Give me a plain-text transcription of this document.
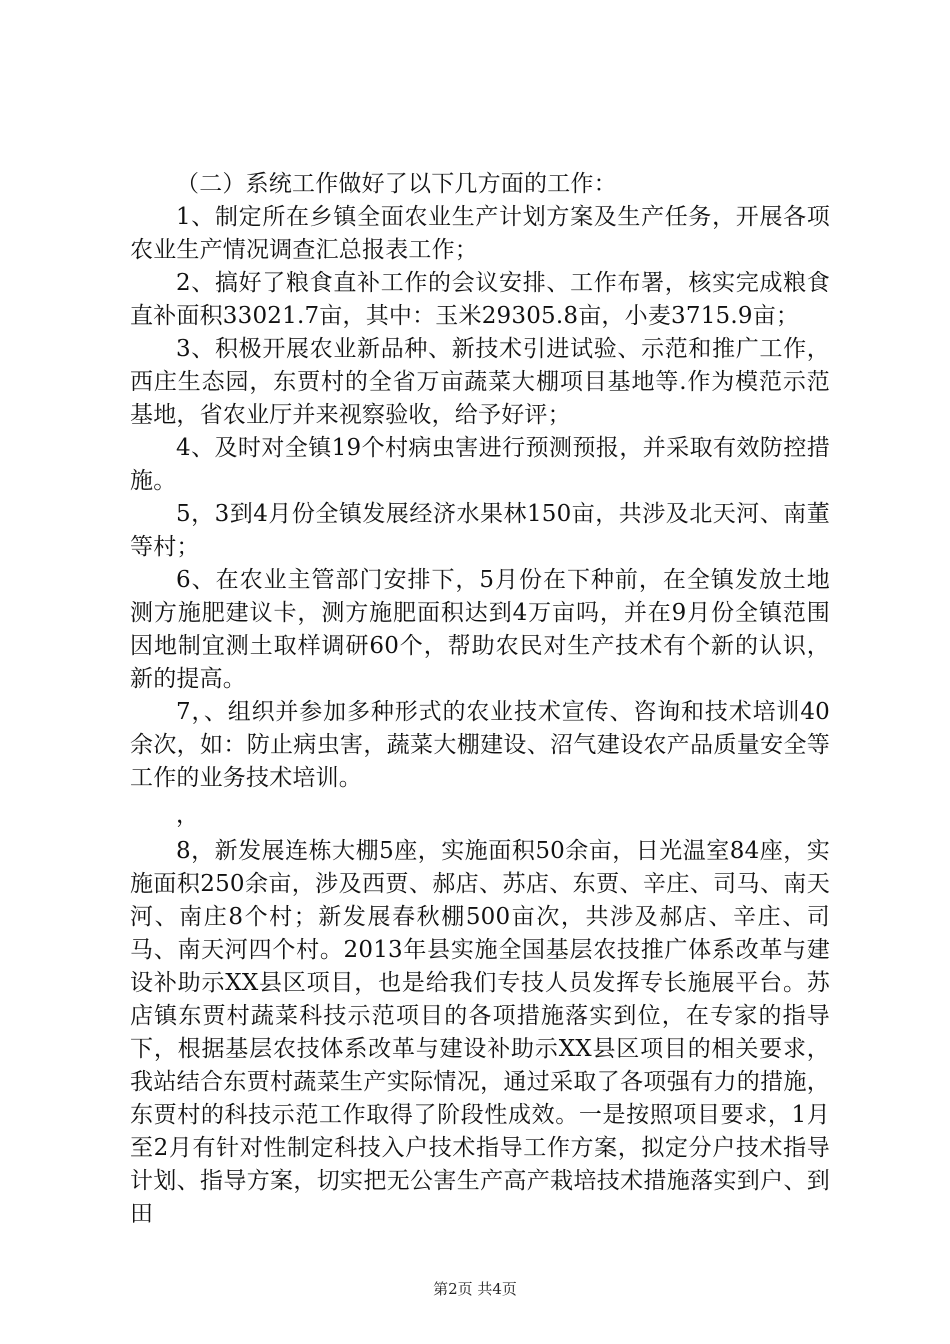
（二）系统工作做好了以下几方面的工作：

1、制定所在乡镇全面农业生产计划方案及生产任务，开展各项农业生产情况调查汇总报表工作；

2、搞好了粮食直补工作的会议安排、工作布署，核实完成粮食直补面积33021.7亩，其中：玉米29305.8亩，小麦3715.9亩；

3、积极开展农业新品种、新技术引进试验、示范和推广工作，西庄生态园，东贾村的全省万亩蔬菜大棚项目基地等.作为模范示范基地，省农业厅并来视察验收，给予好评；

4、及时对全镇19个村病虫害进行预测预报，并采取有效防控措施。

5，3到4月份全镇发展经济水果林150亩，共涉及北天河、南董等村；

6、在农业主管部门安排下，5月份在下种前，在全镇发放土地测方施肥建议卡，测方施肥面积达到4万亩吗，并在9月份全镇范围因地制宜测土取样调研60个，帮助农民对生产技术有个新的认识，新的提高。

7，、组织并参加多种形式的农业技术宣传、咨询和技术培训40余次，如：防止病虫害，蔬菜大棚建设、沼气建设农产品质量安全等工作的业务技术培训。

，

8，新发展连栋大棚5座，实施面积50余亩，日光温室84座，实施面积250余亩，涉及西贾、郝店、苏店、东贾、辛庄、司马、南天河、南庄8个村；新发展春秋棚500亩次，共涉及郝店、辛庄、司马、南天河四个村。2013年县实施全国基层农技推广体系改革与建设补助示XX县区项目，也是给我们专技人员发挥专长施展平台。苏店镇东贾村蔬菜科技示范项目的各项措施落实到位，在专家的指导下，根据基层农技体系改革与建设补助示XX县区项目的相关要求，我站结合东贾村蔬菜生产实际情况，通过采取了各项强有力的措施，东贾村的科技示范工作取得了阶段性成效。一是按照项目要求，1月至2月有针对性制定科技入户技术指导工作方案，拟定分户技术指导计划、指导方案，切实把无公害生产高产栽培技术措施落实到户、到田

第2页 共4页
